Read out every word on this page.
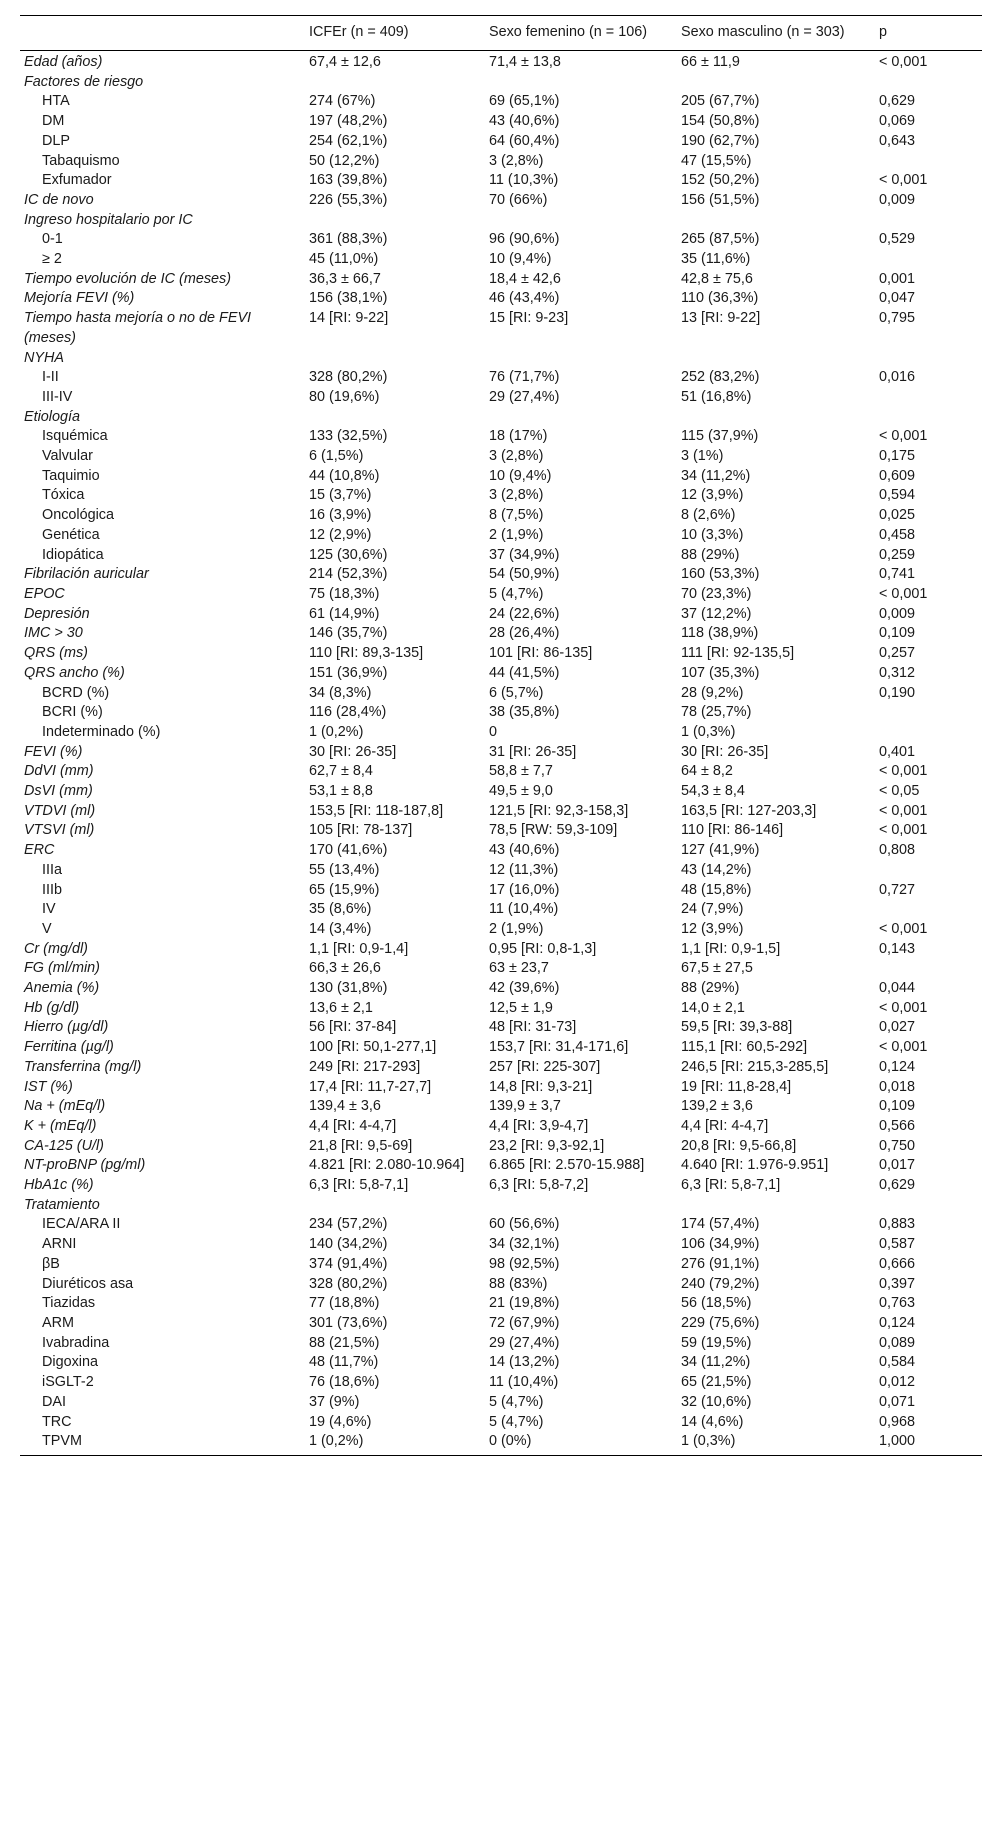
	ICFEr (n = 409)	Sexo femenino (n = 106)	Sexo masculino (n = 303)	p
Edad (años)	67,4 ± 12,6	71,4 ± 13,8	66 ± 11,9	< 0,001
Factores de riesgo				
HTA	274 (67%)	69 (65,1%)	205 (67,7%)	0,629
DM	197 (48,2%)	43 (40,6%)	154 (50,8%)	0,069
DLP	254 (62,1%)	64 (60,4%)	190 (62,7%)	0,643
Tabaquismo	50 (12,2%)	3 (2,8%)	47 (15,5%)	
Exfumador	163 (39,8%)	11 (10,3%)	152 (50,2%)	< 0,001
IC de novo	226 (55,3%)	70 (66%)	156 (51,5%)	0,009
Ingreso hospitalario por IC				
0-1	361 (88,3%)	96 (90,6%)	265 (87,5%)	0,529
≥ 2	45 (11,0%)	10 (9,4%)	35 (11,6%)	
Tiempo evolución de IC (meses)	36,3 ± 66,7	18,4 ± 42,6	42,8 ± 75,6	0,001
Mejoría FEVI (%)	156 (38,1%)	46 (43,4%)	110 (36,3%)	0,047
Tiempo hasta mejoría o no de FEVI (meses)	14 [RI: 9-22]	15 [RI: 9-23]	13 [RI: 9-22]	0,795
NYHA				
I-II	328 (80,2%)	76 (71,7%)	252 (83,2%)	0,016
III-IV	80 (19,6%)	29 (27,4%)	51 (16,8%)	
Etiología				
Isquémica	133 (32,5%)	18 (17%)	115 (37,9%)	< 0,001
Valvular	6 (1,5%)	3 (2,8%)	3 (1%)	0,175
Taquimio	44 (10,8%)	10 (9,4%)	34 (11,2%)	0,609
Tóxica	15 (3,7%)	3 (2,8%)	12 (3,9%)	0,594
Oncológica	16 (3,9%)	8 (7,5%)	8 (2,6%)	0,025
Genética	12 (2,9%)	2 (1,9%)	10 (3,3%)	0,458
Idiopática	125 (30,6%)	37 (34,9%)	88 (29%)	0,259
Fibrilación auricular	214 (52,3%)	54 (50,9%)	160 (53,3%)	0,741
EPOC	75 (18,3%)	5 (4,7%)	70 (23,3%)	< 0,001
Depresión	61 (14,9%)	24 (22,6%)	37 (12,2%)	0,009
IMC > 30	146 (35,7%)	28 (26,4%)	118 (38,9%)	0,109
QRS (ms)	110 [RI: 89,3-135]	101 [RI: 86-135]	111 [RI: 92-135,5]	0,257
QRS ancho (%)	151 (36,9%)	44 (41,5%)	107 (35,3%)	0,312
BCRD (%)	34 (8,3%)	6 (5,7%)	28 (9,2%)	0,190
BCRI (%)	116 (28,4%)	38 (35,8%)	78 (25,7%)	
Indeterminado (%)	1 (0,2%)	0	1 (0,3%)	
FEVI (%)	30 [RI: 26-35]	31 [RI: 26-35]	30 [RI: 26-35]	0,401
DdVI (mm)	62,7 ± 8,4	58,8 ± 7,7	64 ± 8,2	< 0,001
DsVI (mm)	53,1 ± 8,8	49,5 ± 9,0	54,3 ± 8,4	< 0,05
VTDVI (ml)	153,5 [RI: 118-187,8]	121,5 [RI: 92,3-158,3]	163,5 [RI: 127-203,3]	< 0,001
VTSVI (ml)	105 [RI: 78-137]	78,5 [RW: 59,3-109]	110 [RI: 86-146]	< 0,001
ERC	170 (41,6%)	43 (40,6%)	127 (41,9%)	0,808
IIIa	55 (13,4%)	12 (11,3%)	43 (14,2%)	
IIIb	65 (15,9%)	17 (16,0%)	48 (15,8%)	0,727
IV	35 (8,6%)	11 (10,4%)	24 (7,9%)	
V	14 (3,4%)	2 (1,9%)	12 (3,9%)	< 0,001
Cr (mg/dl)	1,1 [RI: 0,9-1,4]	0,95 [RI: 0,8-1,3]	1,1 [RI: 0,9-1,5]	0,143
FG (ml/min)	66,3 ± 26,6	63 ± 23,7	67,5 ± 27,5	
Anemia (%)	130 (31,8%)	42 (39,6%)	88 (29%)	0,044
Hb (g/dl)	13,6 ± 2,1	12,5 ± 1,9	14,0 ± 2,1	< 0,001
Hierro (µg/dl)	56 [RI: 37-84]	48 [RI: 31-73]	59,5 [RI: 39,3-88]	0,027
Ferritina (µg/l)	100 [RI: 50,1-277,1]	153,7 [RI: 31,4-171,6]	115,1 [RI: 60,5-292]	< 0,001
Transferrina (mg/l)	249 [RI: 217-293]	257 [RI: 225-307]	246,5 [RI: 215,3-285,5]	0,124
IST (%)	17,4 [RI: 11,7-27,7]	14,8 [RI: 9,3-21]	19 [RI: 11,8-28,4]	0,018
Na + (mEq/l)	139,4 ± 3,6	139,9 ± 3,7	139,2 ± 3,6	0,109
K + (mEq/l)	4,4 [RI: 4-4,7]	4,4 [RI: 3,9-4,7]	4,4 [RI: 4-4,7]	0,566
CA-125 (U/l)	21,8 [RI: 9,5-69]	23,2 [RI: 9,3-92,1]	20,8 [RI: 9,5-66,8]	0,750
NT-proBNP (pg/ml)	4.821 [RI: 2.080-10.964]	6.865 [RI: 2.570-15.988]	4.640 [RI: 1.976-9.951]	0,017
HbA1c (%)	6,3 [RI: 5,8-7,1]	6,3 [RI: 5,8-7,2]	6,3 [RI: 5,8-7,1]	0,629
Tratamiento				
IECA/ARA II	234 (57,2%)	60 (56,6%)	174 (57,4%)	0,883
ARNI	140 (34,2%)	34 (32,1%)	106 (34,9%)	0,587
βB	374 (91,4%)	98 (92,5%)	276 (91,1%)	0,666
Diuréticos asa	328 (80,2%)	88 (83%)	240 (79,2%)	0,397
Tiazidas	77 (18,8%)	21 (19,8%)	56 (18,5%)	0,763
ARM	301 (73,6%)	72 (67,9%)	229 (75,6%)	0,124
Ivabradina	88 (21,5%)	29 (27,4%)	59 (19,5%)	0,089
Digoxina	48 (11,7%)	14 (13,2%)	34 (11,2%)	0,584
iSGLT-2	76 (18,6%)	11 (10,4%)	65 (21,5%)	0,012
DAI	37 (9%)	5 (4,7%)	32 (10,6%)	0,071
TRC	19 (4,6%)	5 (4,7%)	14 (4,6%)	0,968
TPVM	1 (0,2%)	0 (0%)	1 (0,3%)	1,000
